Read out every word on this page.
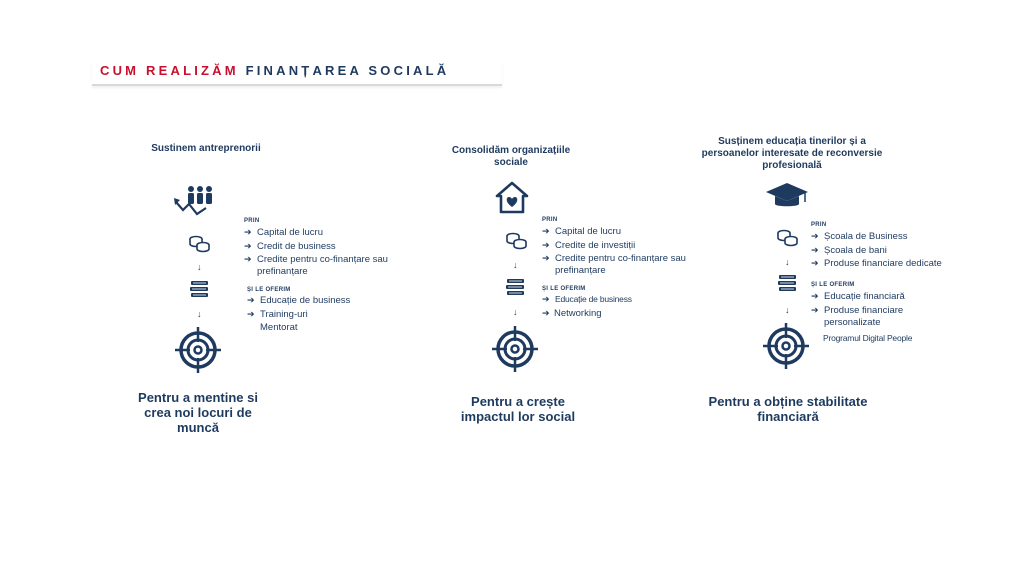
CUM REALIZĂM FINANȚAREA SOCIALĂ
Sustinem antreprenorii
↓
↓
PRIN
➔ Capital de lucru
➔ Credit de business
➔ Credite pentru co-finanțare sau prefinanțare
ȘI LE OFERIM
➔ Educație de business
➔ Training-uri
Mentorat
Pentru a mentine si crea noi locuri de muncă
Consolidăm organizațiile sociale
↓
↓
PRIN
➔ Capital de lucru
➔ Credite de investiții
➔ Credite pentru co-finanțare sau prefinanțare
ȘI LE OFERIM
➔ Educație de business
➔ Networking
Pentru a crește impactul lor social
Susținem educația tinerilor și a persoanelor interesate de reconversie profesională
↓
↓
PRIN
➔ Școala de Business
➔ Școala de bani
➔ Produse financiare dedicate
ȘI LE OFERIM
➔ Educație financiară
➔ Produse financiare personalizate
Programul Digital People
Pentru a obține stabilitate financiară
